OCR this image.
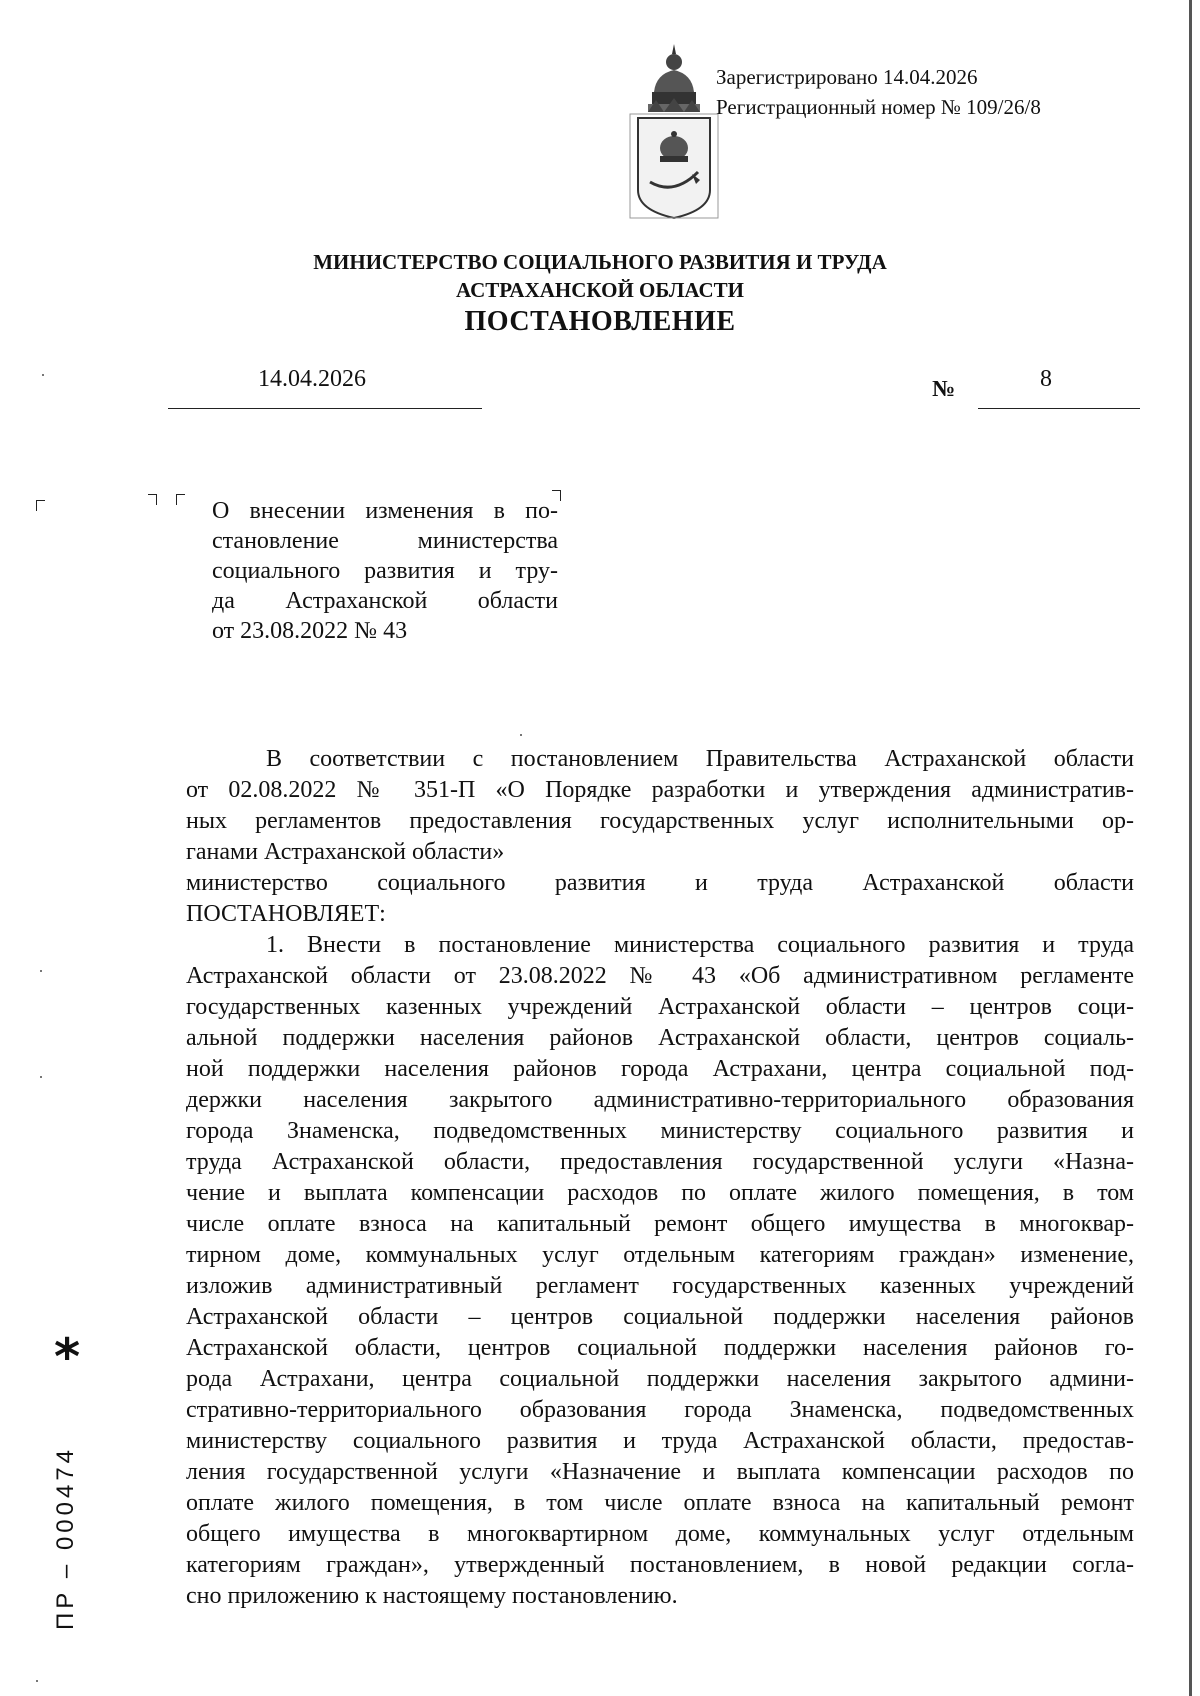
Зарегистрировано 14.04.2026
Регистрационный номер № 109/26/8
МИНИСТЕРСТВО СОЦИАЛЬНОГО РАЗВИТИЯ И ТРУДА
АСТРАХАНСКОЙ ОБЛАСТИ
ПОСТАНОВЛЕНИЕ
14.04.2026	№	8
О внесении изменения в по-
становление министерства
социального развития и тру-
да Астраханской области
от 23.08.2022 № 43
В соответствии с постановлением Правительства Астраханской области
от 02.08.2022 № 351-П «О Порядке разработки и утверждения административ-
ных регламентов предоставления государственных услуг исполнительными ор-
ганами Астраханской области»
министерство социального развития и труда Астраханской области
ПОСТАНОВЛЯЕТ:
1. Внести в постановление министерства социального развития и труда
Астраханской области от 23.08.2022 № 43 «Об административном регламенте
государственных казенных учреждений Астраханской области – центров соци-
альной поддержки населения районов Астраханской области, центров социаль-
ной поддержки населения районов города Астрахани, центра социальной под-
держки населения закрытого административно-территориального образования
города Знаменска, подведомственных министерству социального развития и
труда Астраханской области, предоставления государственной услуги «Назна-
чение и выплата компенсации расходов по оплате жилого помещения, в том
числе оплате взноса на капитальный ремонт общего имущества в многоквар-
тирном доме, коммунальных услуг отдельным категориям граждан» изменение,
изложив административный регламент государственных казенных учреждений
Астраханской области – центров социальной поддержки населения районов
Астраханской области, центров социальной поддержки населения районов го-
рода Астрахани, центра социальной поддержки населения закрытого админи-
стративно-территориального образования города Знаменска, подведомственных
министерству социального развития и труда Астраханской области, предостав-
ления государственной услуги «Назначение и выплата компенсации расходов по
оплате жилого помещения, в том числе оплате взноса на капитальный ремонт
общего имущества в многоквартирном доме, коммунальных услуг отдельным
категориям граждан», утвержденный постановлением, в новой редакции согла-
сно приложению к настоящему постановлению.
*
ПР – 000474
